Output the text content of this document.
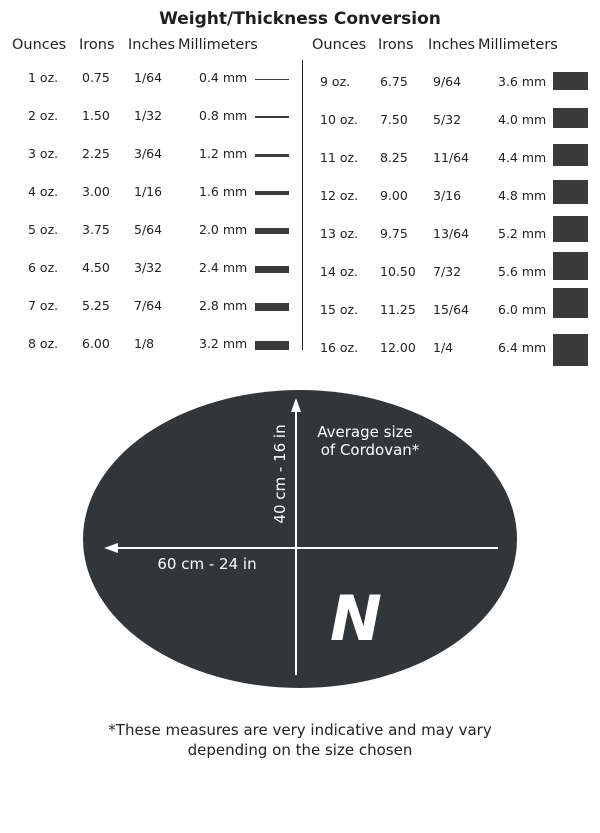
Weight/Thickness Conversion
Ounces Irons Inches Millimeters	Ounces Irons Inches Millimeters
1 oz. 0.75 1/64	0.4 mm
2 oz. 1.50 1/32	0.8 mm
3 oz. 2.25 3/64	1.2 mm
4 oz. 3.00 1/16	1.6 mm
5 oz. 3.75 5/64	2.0 mm
6 oz. 4.50 3/32	2.4 mm
7 oz. 5.25 7/64	2.8 mm
8 oz. 6.00 1/8	3.2 mm
9 oz. 6.75 9/64	3.6 mm
10 oz. 7.50 5/32	4.0 mm
11 oz. 8.25 11/64 4.4 mm
12 oz. 9.00 3/16	4.8 mm
13 oz. 9.75 13/64 5.2 mm
14 oz. 10.50 7/32	5.6 mm
15 oz. 11.25 15/64 6.0 mm
16 oz. 12.00 1/4	6.4 mm
Average size
of Cordovan*
40 cm - 16 in
60 cm - 24 in
N
*These measures are very indicative and may vary
depending on the size chosen
